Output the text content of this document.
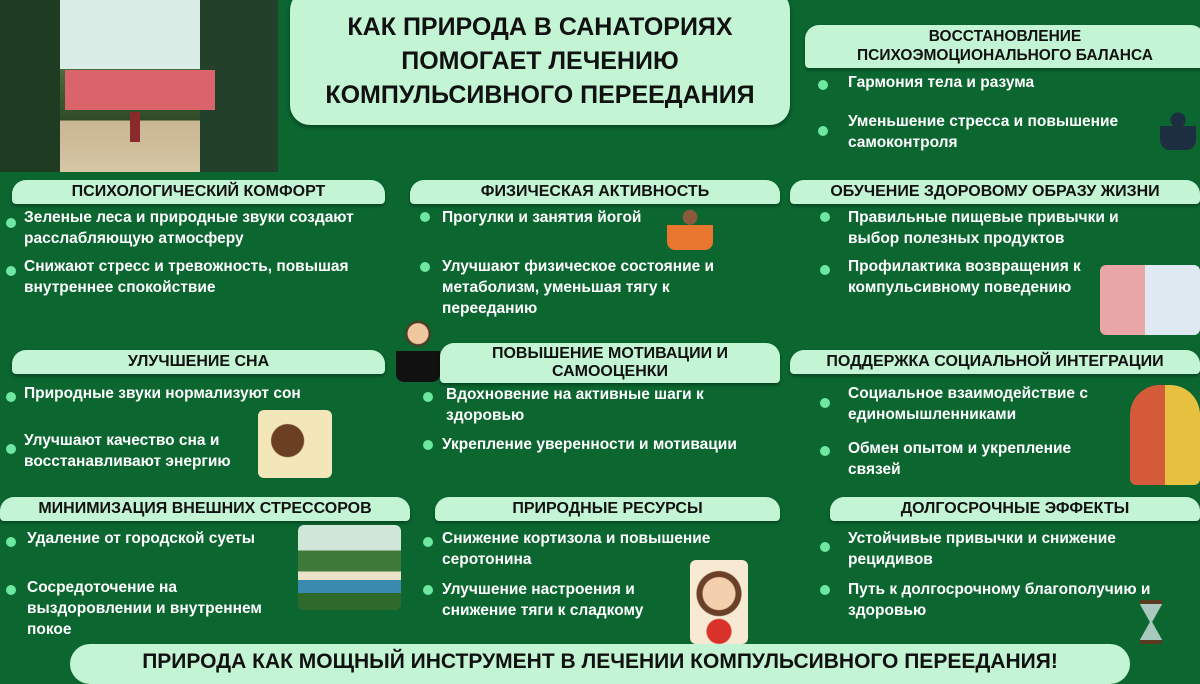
КАК ПРИРОДА В САНАТОРИЯХ
ПОМОГАЕТ ЛЕЧЕНИЮ
КОМПУЛЬСИВНОГО ПЕРЕЕДАНИЯ
ВОССТАНОВЛЕНИЕ
ПСИХОЭМОЦИОНАЛЬНОГО БАЛАНСА
Гармония тела и разума
Уменьшение стресса и повышение самоконтроля
ПСИХОЛОГИЧЕСКИЙ КОМФОРТ
Зеленые леса и природные звуки создают расслабляющую атмосферу
Снижают стресс и тревожность, повышая внутреннее спокойствие
ФИЗИЧЕСКАЯ АКТИВНОСТЬ
Прогулки и занятия йогой
Улучшают физическое состояние и метаболизм, уменьшая тягу к перееданию
ОБУЧЕНИЕ ЗДОРОВОМУ ОБРАЗУ ЖИЗНИ
Правильные пищевые привычки и выбор полезных продуктов
Профилактика возвращения к компульсивному поведению
УЛУЧШЕНИЕ СНА
Природные звуки нормализуют сон
Улучшают качество сна и восстанавливают энергию
ПОВЫШЕНИЕ МОТИВАЦИИ И
САМООЦЕНКИ
Вдохновение на активные шаги к здоровью
Укрепление уверенности и мотивации
ПОДДЕРЖКА СОЦИАЛЬНОЙ ИНТЕГРАЦИИ
Социальное взаимодействие с единомышленниками
Обмен опытом и укрепление связей
МИНИМИЗАЦИЯ ВНЕШНИХ СТРЕССОРОВ
Удаление от городской суеты
Сосредоточение на выздоровлении и внутреннем покое
ПРИРОДНЫЕ РЕСУРСЫ
Снижение кортизола и повышение серотонина
Улучшение настроения и снижение тяги к сладкому
ДОЛГОСРОЧНЫЕ ЭФФЕКТЫ
Устойчивые привычки и снижение рецидивов
Путь к долгосрочному благополучию и здоровью
ПРИРОДА КАК МОЩНЫЙ ИНСТРУМЕНТ В ЛЕЧЕНИИ КОМПУЛЬСИВНОГО ПЕРЕЕДАНИЯ!
